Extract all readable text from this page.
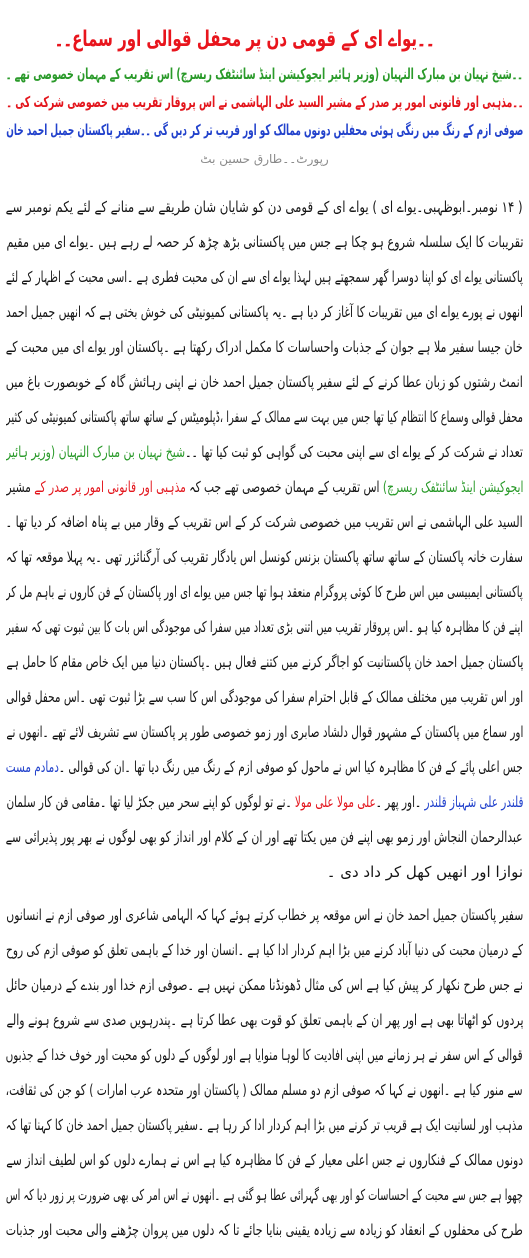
۔۔یواے ای کے قومی دن پر محفل قوالی اور سماع۔۔
۔۔شیخ نہیان بن مبارک النہیان (وزیر ہائیر ایجوکیشن اینڈ سائنٹفک ریسرچ) اس تقریب کے مہمان خصوصی تھے ۔
۔۔مذہبی اور قانونی امور پر صدر کے مشیر السید علی الہاشمی نے اس پروقار تقریب میں خصوصی شرکت کی ۔
صوفی ازم کے رنگ میں رنگی ہوئی محفلیں دونوں ممالک کو اور قریب تر کر دیں گی ۔۔سفیر پاکستان جمیل احمد خان
رپورٹ۔۔طارق حسین بٹ
( ۱۴ نومبر۔ابوظہبی۔یواے ای ) یواے ای کے قومی دن کو شایان شان طریقے سے منانے کے لئے یکم نومبر سے
تقریبات کا ایک سلسلہ شروع ہو چکا ہے جس میں پاکستانی بڑھ چڑھ کر حصہ لے رہے ہیں ۔یواے ای میں مقیم
پاکستانی یواے ای کو اپنا دوسرا گھر سمجھتے ہیں لہذا یواے ای سے ان کی محبت فطری ہے ۔اسی محبت کے اظہار کے لئے
انھوں نے پورے یواے ای میں تقریبات کا آغاز کر دیا ہے ۔یہ پاکستانی کمیونیٹی کی خوش بختی ہے کہ انھیں جمیل احمد
خان جیسا سفیر ملا ہے جوان کے جذبات واحساسات کا مکمل ادراک رکھتا ہے ۔پاکستان اور یواے ای میں محبت کے
انمٹ رشتوں کو زبان عطا کرنے کے لئے سفیر پاکستان جمیل احمد خان نے اپنی رہائش گاہ کے خوبصورت باغ میں
محفل قوالی وسماع کا انتظام کیا تھا جس میں بہت سے ممالک کے سفرا ،ڈپلومیٹس کے ساتھ ساتھ پاکستانی کمیونیٹی کی کثیر
تعداد نے شرکت کر کے یواے ای سے اپنی محبت کی گواہی کو ثبت کیا تھا ۔۔شیخ نہیان بن مبارک النہیان (وزیر ہائیر
ایجوکیشن اینڈ سائنٹفک ریسرچ) اس تقریب کے مہمان خصوصی تھے جب کہ مذہبی اور قانونی امور پر صدر کے مشیر
السید علی الہاشمی نے اس تقریب میں خصوصی شرکت کر کے اس تقریب کے وقار میں بے پناہ اضافہ کر دیا تھا ۔
سفارت خانہ پاکستان کے ساتھ ساتھ پاکستان بزنس کونسل اس یادگار تقریب کی آرگنائزر تھی ۔یہ پہلا موقعہ تھا کہ
پاکستانی ایمبیسی میں اس طرح کا کوئی پروگرام منعقد ہوا تھا جس میں یواے ای اور پاکستان کے فن کاروں نے باہم مل کر
اپنے فن کا مظاہرہ کیا ہو ۔اس پروقار تقریب میں اتنی بڑی تعداد میں سفرا کی موجودگی اس بات کا بین ثبوت تھی کہ سفیر
پاکستان جمیل احمد خان پاکستانیت کو اجاگر کرنے میں کتنے فعال ہیں ۔پاکستان دنیا میں ایک خاص مقام کا حامل ہے
اور اس تقریب میں مختلف ممالک کے قابل احترام سفرا کی موجودگی اس کا سب سے بڑا ثبوت تھی ۔اس محفل قوالی
اور سماع میں پاکستان کے مشہور قوال دلشاد صابری اور زمو خصوصی طور پر پاکستان سے تشریف لائے تھے ۔انھوں نے
جس اعلی پائے کے فن کا مظاہرہ کیا اس نے ماحول کو صوفی ازم کے رنگ میں رنگ دیا تھا ۔ان کی قوالی ۔دمادم مست
قلندر علی شہباز قلندر ۔اور پھر ۔علی مولا علی مولا ۔نے تو لوگوں کو اپنے سحر میں جکڑ لیا تھا ۔مقامی فن کار سلمان
عبدالرحمان النجاش اور زمو بھی اپنے فن میں یکتا تھے اور ان کے کلام اور انداز کو بھی لوگوں نے بھر پور پذیرائی سے
نوازا اور انھیں کھل کر داد دی ۔
سفیر پاکستان جمیل احمد خان نے اس موقعہ پر خطاب کرتے ہوئے کہا کہ الہامی شاعری اور صوفی ازم نے انسانوں
کے درمیان محبت کی دنیا آباد کرنے میں بڑا اہم کردار ادا کیا ہے ۔انسان اور خدا کے باہمی تعلق کو صوفی ازم کی روح
نے جس طرح نکھار کر پیش کیا ہے اس کی مثال ڈھونڈنا ممکن نہیں ہے ۔صوفی ازم خدا اور بندے کے درمیان حائل
پردوں کو اٹھاتا بھی ہے اور پھر ان کے باہمی تعلق کو قوت بھی عطا کرتا ہے ۔پندرہویں صدی سے شروع ہونے والے
قوالی کے اس سفر نے ہر زمانے میں اپنی افادیت کا لوہا منوایا ہے اور لوگوں کے دلوں کو محبت اور خوف خدا کے جذبوں
سے منور کیا ہے ۔انھوں نے کہا کہ صوفی ازم دو مسلم ممالک ( پاکستان اور متحدہ عرب امارات ) کو جن کی ثقافت،
مذہب اور لسانیت ایک ہے قریب تر کرنے میں بڑا اہم کردار ادا کر رہا ہے ۔سفیر پاکستان جمیل احمد خان کا کہنا تھا کہ
دونوں ممالک کے فنکاروں نے جس اعلی معیار کے فن کا مظاہرہ کیا ہے اس نے ہمارے دلوں کو اس لطیف انداز سے
چھوا ہے جس سے محبت کے احساسات کو اور بھی گہرائی عطا ہو گئی ہے ۔انھوں نے اس امر کی بھی ضرورت پر زور دیا کہ اس
طرح کی محفلوں کے انعقاد کو زیادہ سے زیادہ یقینی بنایا جائے تا کہ دلوں میں پروان چڑھنے والی محبت اور جذبات
